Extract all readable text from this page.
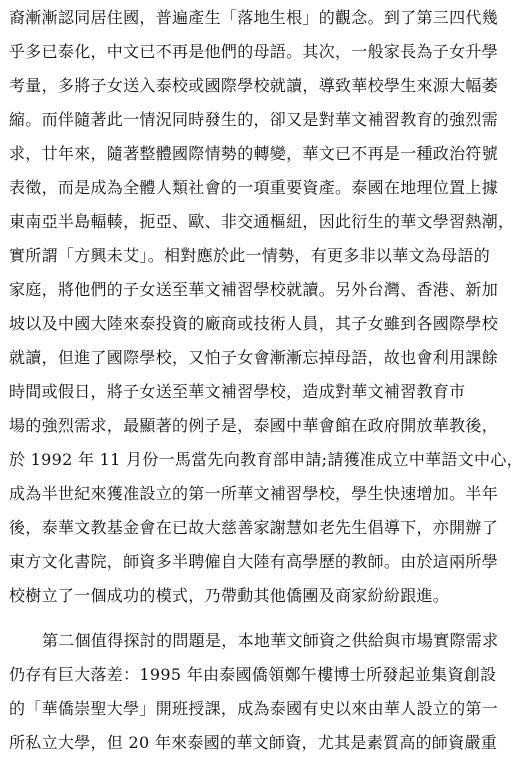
裔漸漸認同居住國，普遍產生「落地生根」的觀念。到了第三四代幾
乎多已泰化，中文已不再是他們的母語。其次，一般家長為子女升學
考量，多將子女送入泰校或國際學校就讀，導致華校學生來源大幅萎
縮。而伴隨著此一情況同時發生的，卻又是對華文補習教育的強烈需
求，廿年來，隨著整體國際情勢的轉變，華文已不再是一種政治符號
表徵，而是成為全體人類社會的一項重要資產。泰國在地理位置上據
東南亞半島輻輳，扼亞、歐、非交通樞紐，因此衍生的華文學習熱潮，
實所謂「方興未艾」。相對應於此一情勢，有更多非以華文為母語的
家庭，將他們的子女送至華文補習學校就讀。另外台灣、香港、新加
坡以及中國大陸來泰投資的廠商或技術人員，其子女雖到各國際學校
就讀，但進了國際學校，又怕子女會漸漸忘掉母語，故也會利用課餘
時間或假日，將子女送至華文補習學校，造成對華文補習教育市
場的強烈需求，最顯著的例子是，泰國中華會館在政府開放華教後，
於 1992 年 11 月份一馬當先向教育部申請;請獲准成立中華語文中心，
成為半世紀來獲准設立的第一所華文補習學校，學生快速增加。半年
後，泰華文教基金會在已故大慈善家謝慧如老先生倡導下，亦開辦了
東方文化書院，師資多半聘僱自大陸有高學歷的教師。由於這兩所學
校樹立了一個成功的模式，乃帶動其他僑團及商家紛紛跟進。
第二個值得探討的問題是，本地華文師資之供給與市場實際需求
仍存有巨大落差：1995 年由泰國僑領鄭午樓博士所發起並集資創設
的「華僑崇聖大學」開班授課，成為泰國有史以來由華人設立的第一
所私立大學，但 20 年來泰國的華文師資，尤其是素質高的師資嚴重
